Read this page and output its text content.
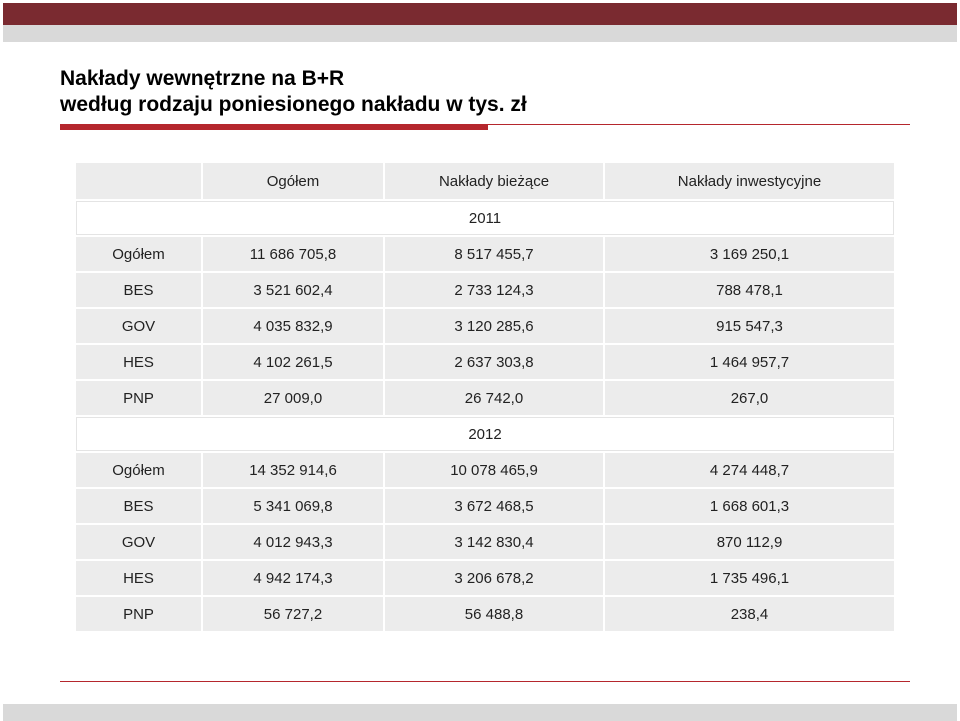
Nakłady wewnętrzne na B+R
według rodzaju poniesionego nakładu w tys. zł
	Ogółem	Nakłady bieżące	Nakłady inwestycyjne
2011			
Ogółem	11 686 705,8	8 517 455,7	3 169 250,1
BES	3 521 602,4	2 733 124,3	788 478,1
GOV	4 035 832,9	3 120 285,6	915 547,3
HES	4 102 261,5	2 637 303,8	1 464 957,7
PNP	27 009,0	26 742,0	267,0
2012			
Ogółem	14 352 914,6	10 078 465,9	4 274 448,7
BES	5 341 069,8	3 672 468,5	1 668 601,3
GOV	4 012 943,3	3 142 830,4	870 112,9
HES	4 942 174,3	3 206 678,2	1 735 496,1
PNP	56 727,2	56 488,8	238,4
